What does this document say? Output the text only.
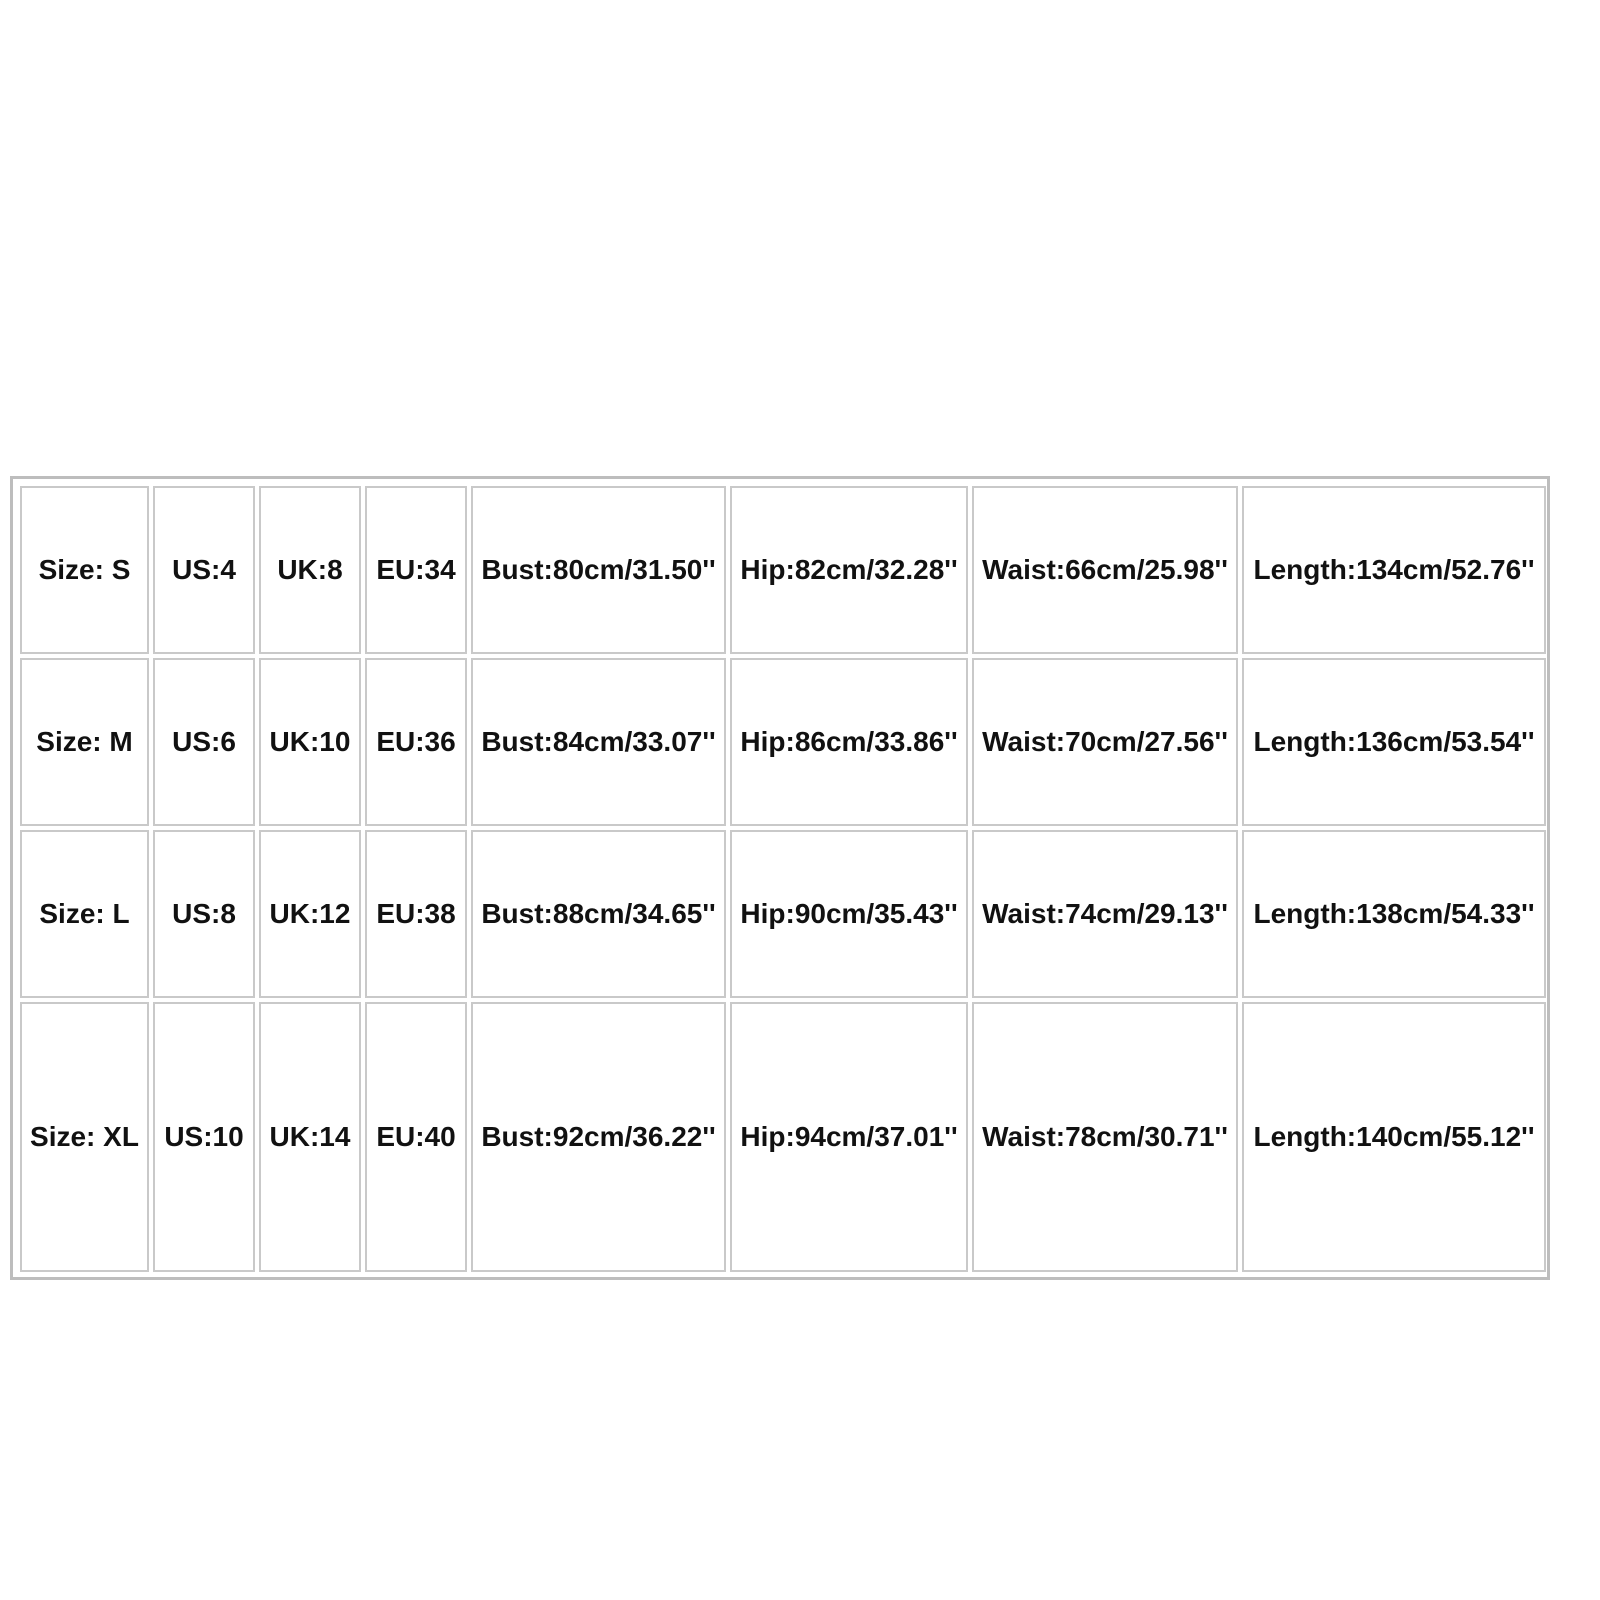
Size: S	US:4	UK:8	EU:34	Bust:80cm/31.50''	Hip:82cm/32.28''	Waist:66cm/25.98''	Length:134cm/52.76''
Size: M	US:6	UK:10	EU:36	Bust:84cm/33.07''	Hip:86cm/33.86''	Waist:70cm/27.56''	Length:136cm/53.54''
Size: L	US:8	UK:12	EU:38	Bust:88cm/34.65''	Hip:90cm/35.43''	Waist:74cm/29.13''	Length:138cm/54.33''
Size: XL	US:10	UK:14	EU:40	Bust:92cm/36.22''	Hip:94cm/37.01''	Waist:78cm/30.71''	Length:140cm/55.12''
